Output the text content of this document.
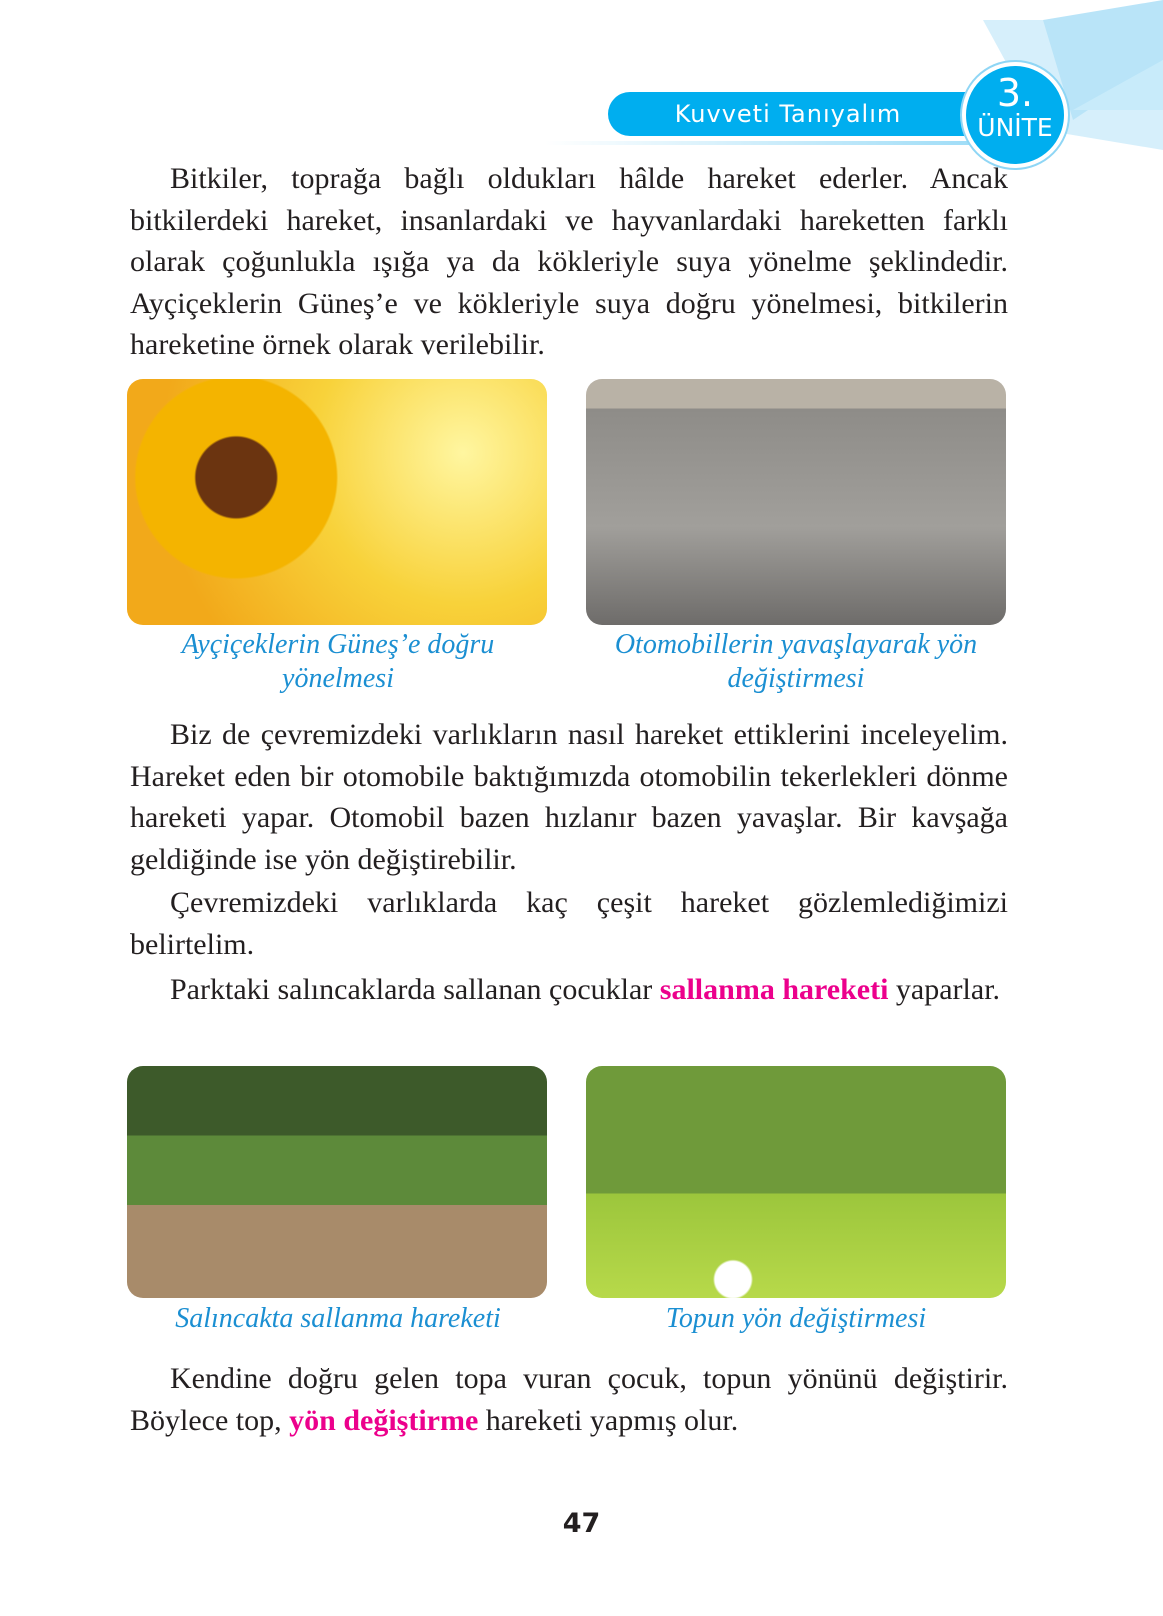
Kuvveti Tanıyalım	3.
ÜNİTE

Bitkiler, toprağa bağlı oldukları hâlde hareket ederler. Ancak bitkilerdeki hareket, insanlardaki ve hayvanlardaki hareketten farklı olarak çoğunlukla ışığa ya da kökleriyle suya yönelme şeklindedir. Ayçiçeklerin Güneş’e ve kökleriyle suya doğru yönelmesi, bitkilerin hareketine örnek olarak verilebilir.

Ayçiçeklerin Güneş’e doğru
yönelmesi
Otomobillerin yavaşlayarak yön
değiştirmesi

Biz de çevremizdeki varlıkların nasıl hareket ettiklerini inceleyelim. Hareket eden bir otomobile baktığımızda otomobilin tekerlekleri dönme hareketi yapar. Otomobil bazen hızlanır bazen yavaşlar. Bir kavşağa geldiğinde ise yön değiştirebilir.

Çevremizdeki varlıklarda kaç çeşit hareket gözlemlediğimizi belirtelim.

Parktaki salıncaklarda sallanan çocuklar sallanma hareketi yaparlar.

Salıncakta sallanma hareketi	Topun yön değiştirmesi

Kendine doğru gelen topa vuran çocuk, topun yönünü değiştirir. Böylece top, yön değiştirme hareketi yapmış olur.

47
